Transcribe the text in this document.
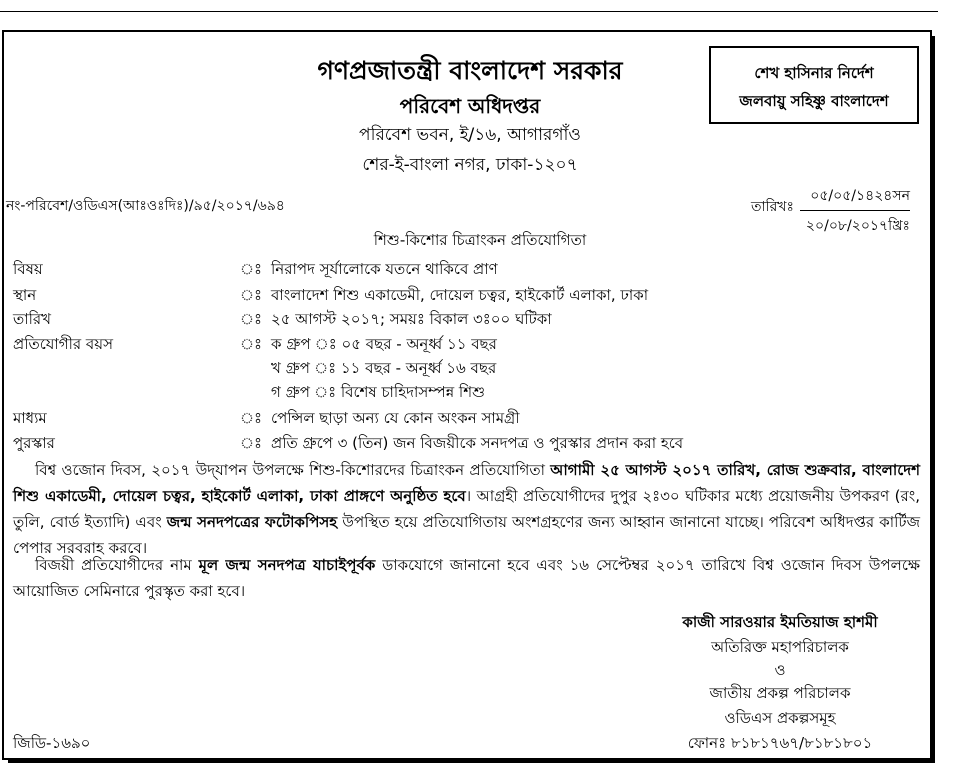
গণপ্রজাতন্ত্রী বাংলাদেশ সরকার
পরিবেশ অধিদপ্তর
পরিবেশ ভবন, ই/১৬, আগারগাঁও
শের-ই-বাংলা নগর, ঢাকা-১২০৭
শেখ হাসিনার নির্দেশ
জলবায়ু সহিষ্ণু বাংলাদেশ
নং-পরিবেশ/ওডিএস(আঃওঃদিঃ)/৯৫/২০১৭/৬৯৪	তারিখঃ
০৫/০৫/১৪২৪সন
২০/০৮/২০১৭খ্রিঃ
শিশু-কিশোর চিত্রাংকন প্রতিযোগিতা
বিষয়	ঃ নিরাপদ সূর্যালোকে যতনে থাকিবে প্রাণ
স্থান	ঃ বাংলাদেশ শিশু একাডেমী, দোয়েল চত্বর, হাইকোর্ট এলাকা, ঢাকা
তারিখ	ঃ ২৫ আগস্ট ২০১৭; সময়ঃ বিকাল ৩ঃ০০ ঘটিকা
প্রতিযোগীর বয়স	ঃ ক গ্রুপ ঃ ০৫ বছর - অনূর্ধ্ব ১১ বছর
খ গ্রুপ ঃ ১১ বছর - অনূর্ধ্ব ১৬ বছর
গ গ্রুপ ঃ বিশেষ চাহিদাসম্পন্ন শিশু
মাধ্যম	ঃ পেন্সিল ছাড়া অন্য যে কোন অংকন সামগ্রী
পুরস্কার	ঃ প্রতি গ্রুপে ৩ (তিন) জন বিজয়ীকে সনদপত্র ও পুরস্কার প্রদান করা হবে
বিশ্ব ওজোন দিবস, ২০১৭ উদ্‌যাপন উপলক্ষে শিশু-কিশোরদের চিত্রাংকন প্রতিযোগিতা আগামী ২৫ আগস্ট ২০১৭ তারিখ, রোজ শুক্রবার, বাংলাদেশ শিশু একাডেমী, দোয়েল চত্বর, হাইকোর্ট এলাকা, ঢাকা প্রাঙ্গণে অনুষ্ঠিত হবে। আগ্রহী প্রতিযোগীদের দুপুর ২ঃ৩০ ঘটিকার মধ্যে প্রয়োজনীয় উপকরণ (রং, তুলি, বোর্ড ইত্যাদি) এবং জন্ম সনদপত্রের ফটোকপিসহ উপস্থিত হয়ে প্রতিযোগিতায় অংশগ্রহণের জন্য আহ্বান জানানো যাচ্ছে। পরিবেশ অধিদপ্তর কার্টিজ পেপার সরবরাহ করবে।
বিজয়ী প্রতিযোগীদের নাম মূল জন্ম সনদপত্র যাচাইপূর্বক ডাকযোগে জানানো হবে এবং ১৬ সেপ্টেম্বর ২০১৭ তারিখে বিশ্ব ওজোন দিবস উপলক্ষে আয়োজিত সেমিনারে পুরস্কৃত করা হবে।
কাজী সারওয়ার ইমতিয়াজ হাশমী
অতিরিক্ত মহাপরিচালক
ও
জাতীয় প্রকল্প পরিচালক
ওডিএস প্রকল্পসমূহ
ফোনঃ ৮১৮১৭৬৭/৮১৮১৮০১
জিডি-১৬৯০
